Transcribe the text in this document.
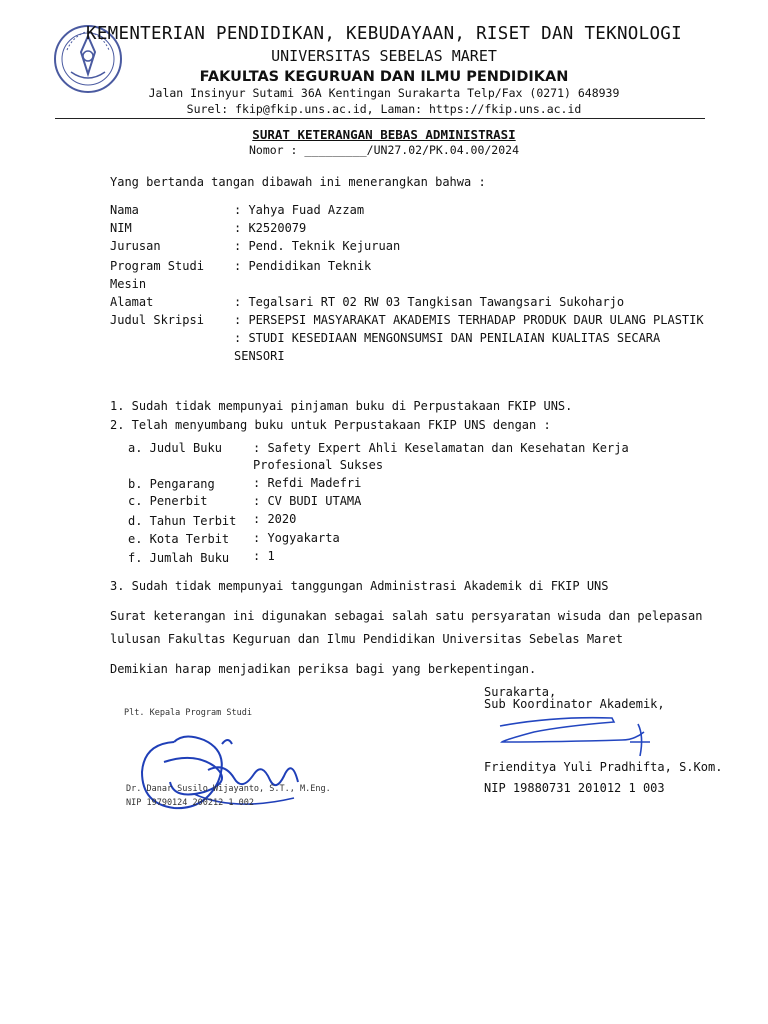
KEMENTERIAN PENDIDIKAN, KEBUDAYAAN, RISET DAN TEKNOLOGI
UNIVERSITAS SEBELAS MARET
FAKULTAS KEGURUAN DAN ILMU PENDIDIKAN
Jalan Insinyur Sutami 36A Kentingan Surakarta Telp/Fax (0271) 648939
Surel: fkip@fkip.uns.ac.id, Laman: https://fkip.uns.ac.id
SURAT KETERANGAN BEBAS ADMINISTRASI
Nomor : _________/UN27.02/PK.04.00/2024
Yang bertanda tangan dibawah ini menerangkan bahwa :
Nama	: Yahya Fuad Azzam
NIM	: K2520079
Jurusan	: Pend. Teknik Kejuruan
Program Studi	: Pendidikan Teknik
Mesin
Alamat	: Tegalsari RT 02 RW 03 Tangkisan Tawangsari Sukoharjo
Judul Skripsi	: PERSEPSI MASYARAKAT AKADEMIS TERHADAP PRODUK DAUR ULANG PLASTIK
: STUDI KESEDIAAN MENGONSUMSI DAN PENILAIAN KUALITAS SECARA
SENSORI
1. Sudah tidak mempunyai pinjaman buku di Perpustakaan FKIP UNS.
2. Telah menyumbang buku untuk Perpustakaan FKIP UNS dengan :
a. Judul Buku	: Safety Expert Ahli Keselamatan dan Kesehatan Kerja
Profesional Sukses
b. Pengarang	: Refdi Madefri
c. Penerbit	: CV BUDI UTAMA
d. Tahun Terbit : 2020
e. Kota Terbit : Yogyakarta
f. Jumlah Buku : 1
3. Sudah tidak mempunyai tanggungan Administrasi Akademik di FKIP UNS
Surat keterangan ini digunakan sebagai salah satu persyaratan wisuda dan pelepasan
lulusan Fakultas Keguruan dan Ilmu Pendidikan Universitas Sebelas Maret
Demikian harap menjadikan periksa bagi yang berkepentingan.
Surakarta,
Sub Koordinator Akademik,
Frienditya Yuli Pradhifta, S.Kom.
NIP 19880731 201012 1 003
Plt. Kepala Program Studi
Dr. Danar Susilo Wijayanto, S.T., M.Eng.
NIP 19790124 200212 1 002
